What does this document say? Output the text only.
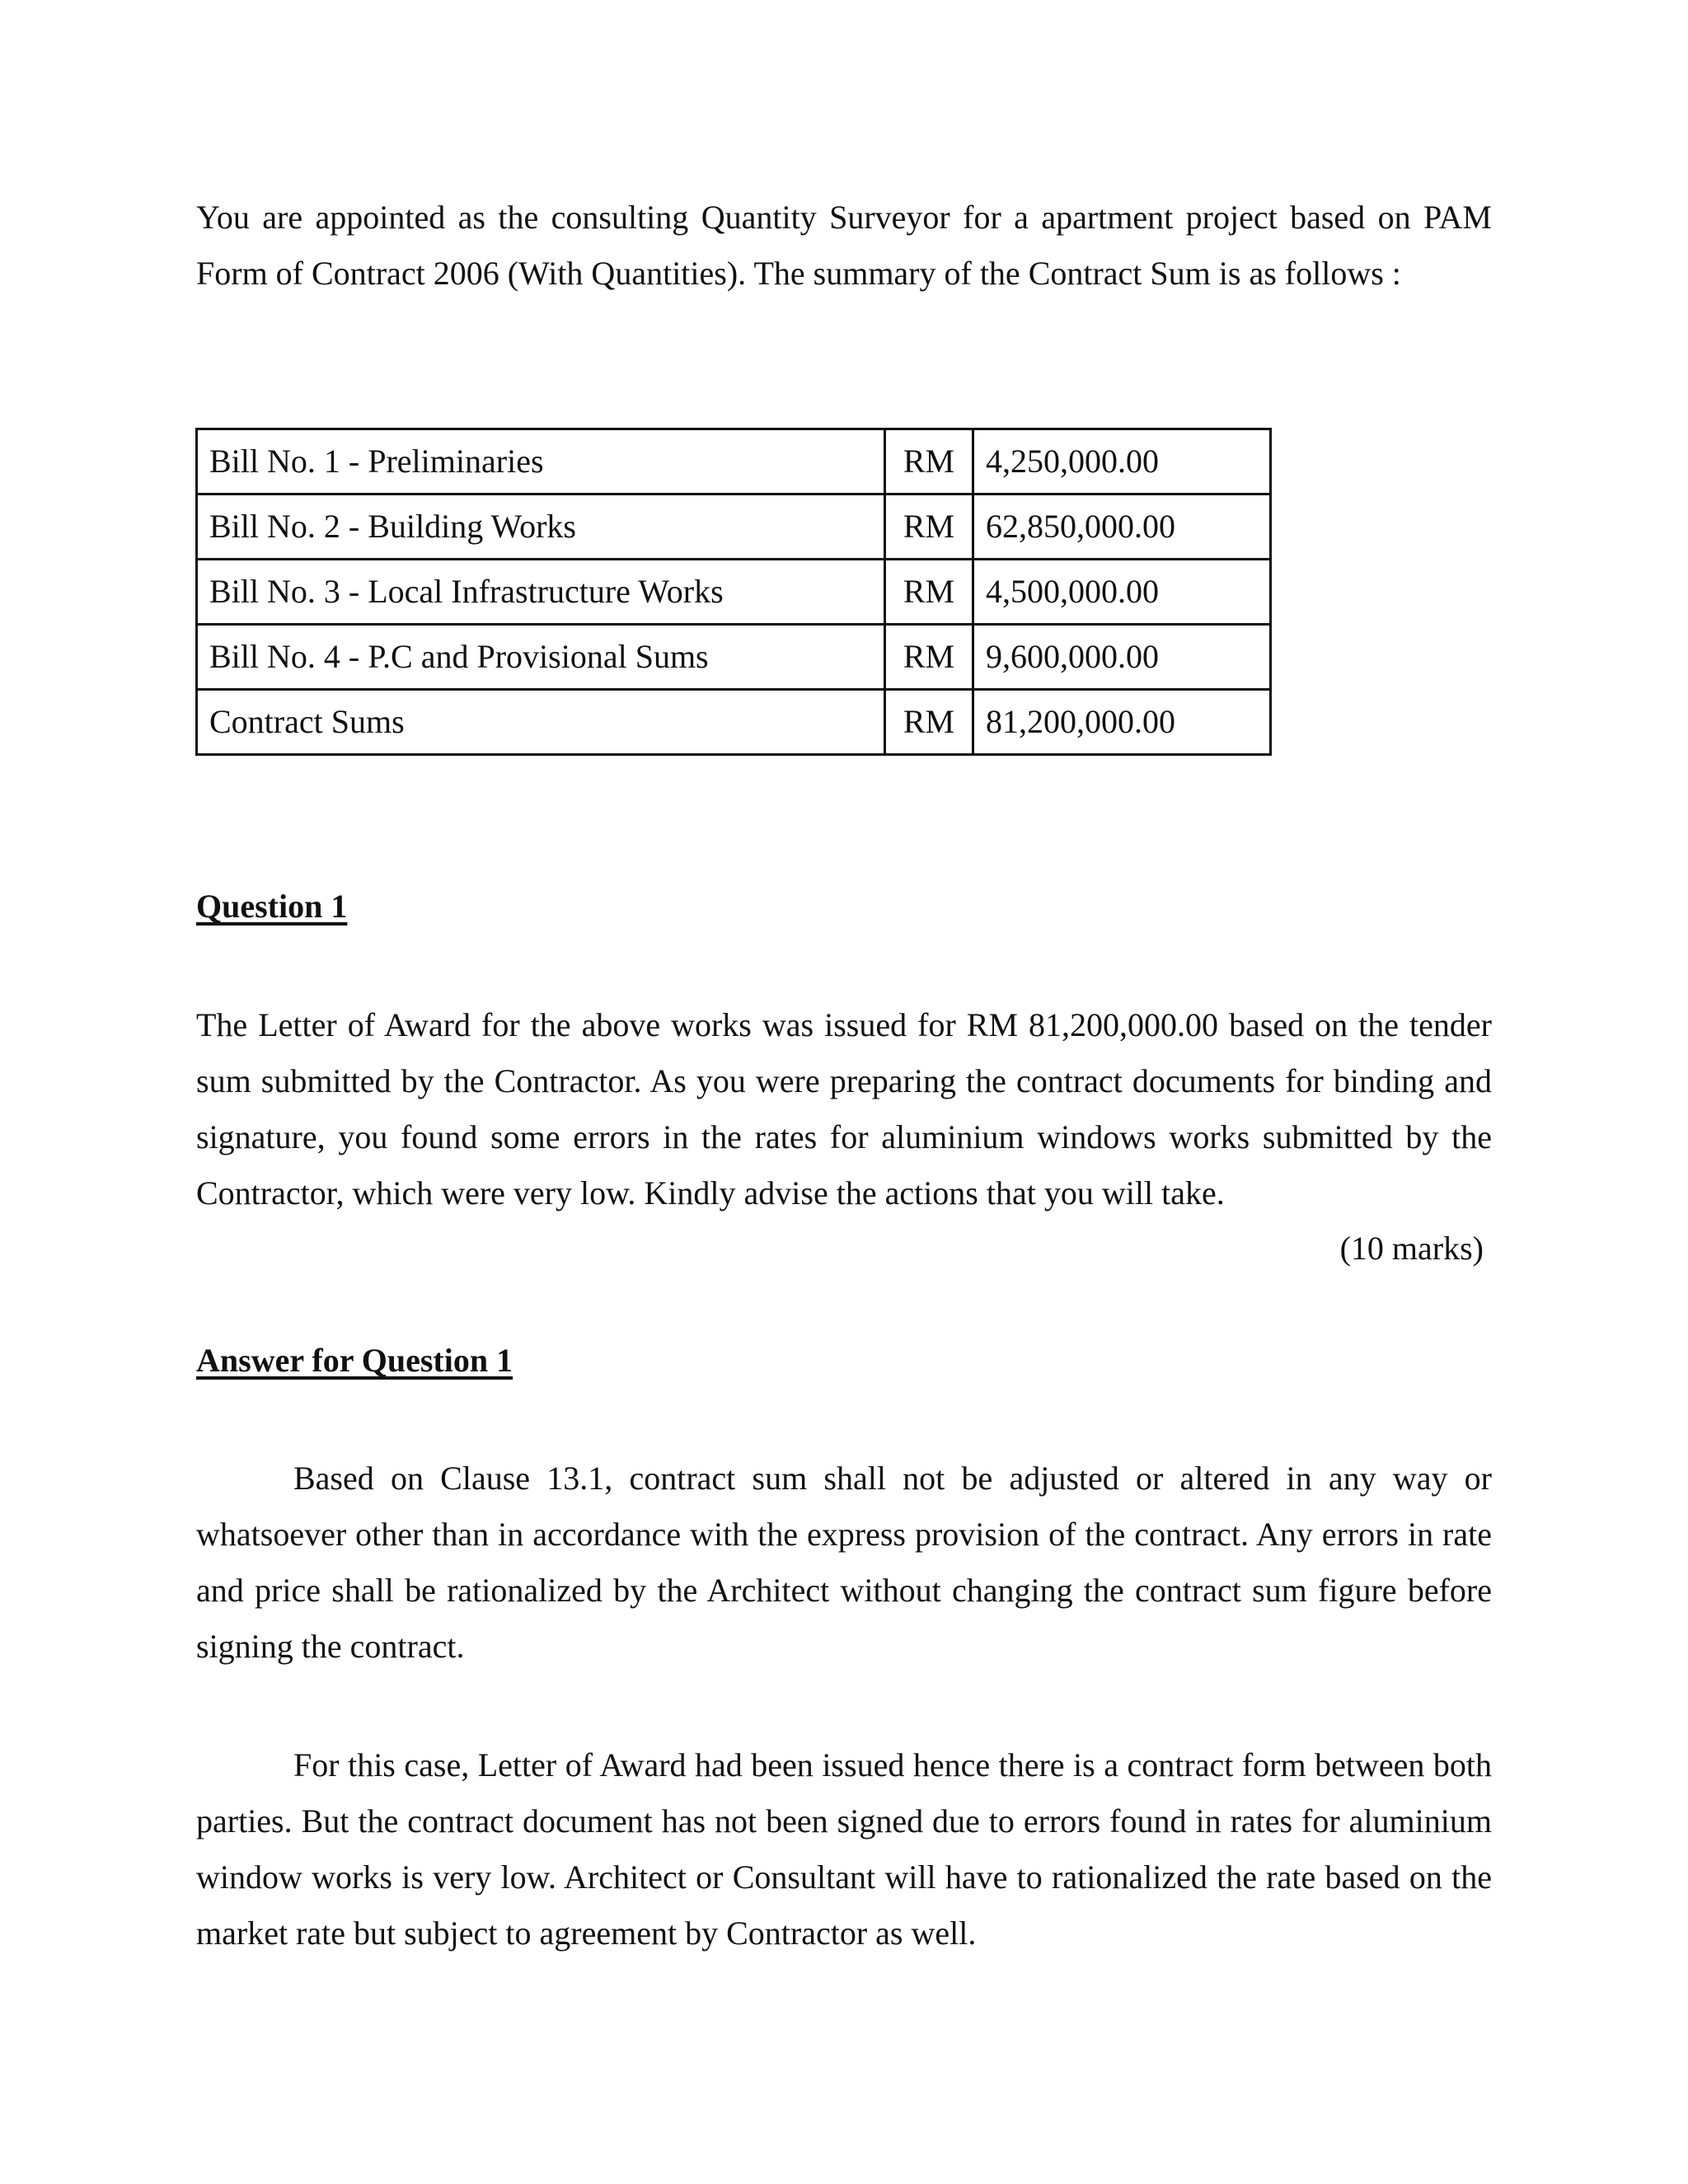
You are appointed as the consulting Quantity Surveyor for a apartment project based on PAM Form of Contract 2006 (With Quantities). The summary of the Contract Sum is as follows :

Bill No. 1 - Preliminaries	RM	4,250,000.00
Bill No. 2 - Building Works	RM	62,850,000.00
Bill No. 3 - Local Infrastructure Works	RM	4,500,000.00
Bill No. 4 - P.C and Provisional Sums	RM	9,600,000.00
Contract Sums	RM	81,200,000.00

Question 1

The Letter of Award for the above works was issued for RM 81,200,000.00 based on the tender sum submitted by the Contractor. As you were preparing the contract documents for binding and signature, you found some errors in the rates for aluminium windows works submitted by the Contractor, which were very low. Kindly advise the actions that you will take.

(10 marks)

Answer for Question 1

Based on Clause 13.1, contract sum shall not be adjusted or altered in any way or whatsoever other than in accordance with the express provision of the contract. Any errors in rate and price shall be rationalized by the Architect without changing the contract sum figure before signing the contract.

For this case, Letter of Award had been issued hence there is a contract form between both parties. But the contract document has not been signed due to errors found in rates for aluminium window works is very low. Architect or Consultant will have to rationalized the rate based on the market rate but subject to agreement by Contractor as well.
